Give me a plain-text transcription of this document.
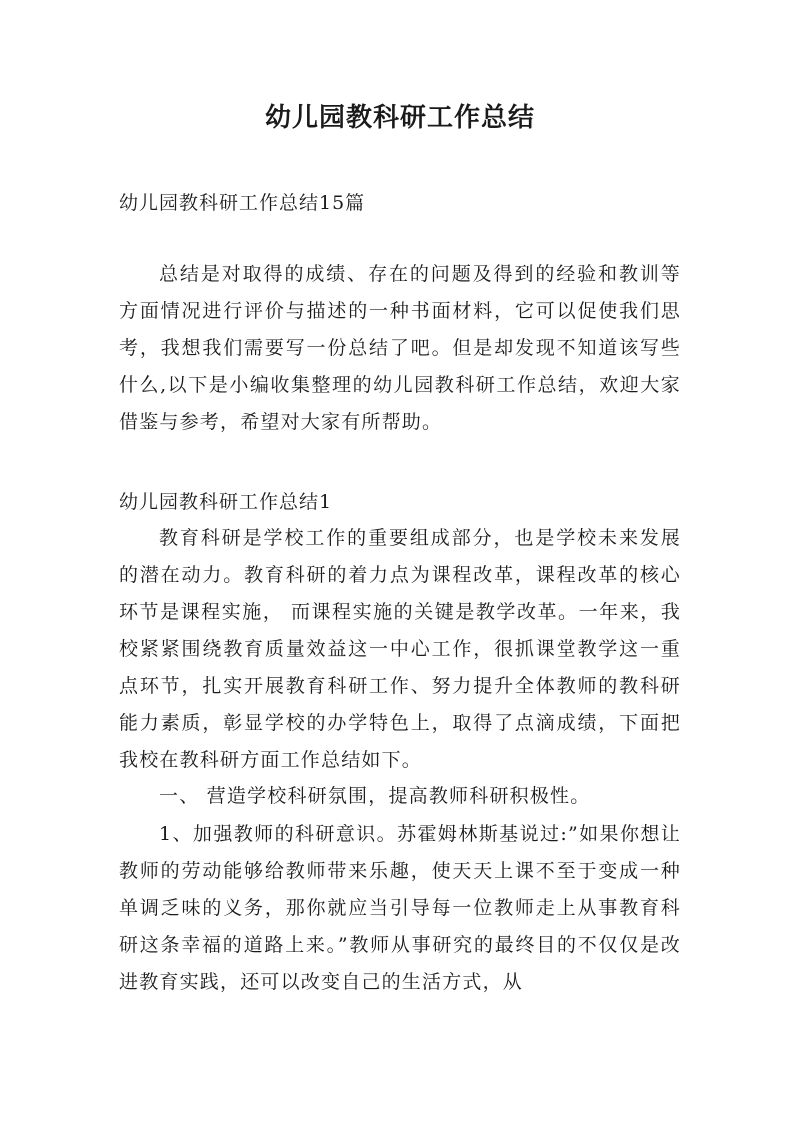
幼儿园教科研工作总结
幼儿园教科研工作总结15篇

总结是对取得的成绩、存在的问题及得到的经验和教训等方面情况进行评价与描述的一种书面材料，它可以促使我们思考，我想我们需要写一份总结了吧。但是却发现不知道该写些什么,以下是小编收集整理的幼儿园教科研工作总结，欢迎大家借鉴与参考，希望对大家有所帮助。

幼儿园教科研工作总结1

教育科研是学校工作的重要组成部分，也是学校未来发展的潜在动力。教育科研的着力点为课程改革，课程改革的核心环节是课程实施， 而课程实施的关键是教学改革。一年来，我校紧紧围绕教育质量效益这一中心工作，很抓课堂教学这一重点环节，扎实开展教育科研工作、努力提升全体教师的教科研能力素质，彰显学校的办学特色上，取得了点滴成绩，下面把我校在教科研方面工作总结如下。

一、 营造学校科研氛围，提高教师科研积极性。

1、加强教师的科研意识。苏霍姆林斯基说过:”如果你想让教师的劳动能够给教师带来乐趣，使天天上课不至于变成一种单调乏味的义务，那你就应当引导每一位教师走上从事教育科研这条幸福的道路上来。”教师从事研究的最终目的不仅仅是改进教育实践，还可以改变自己的生活方式，从
